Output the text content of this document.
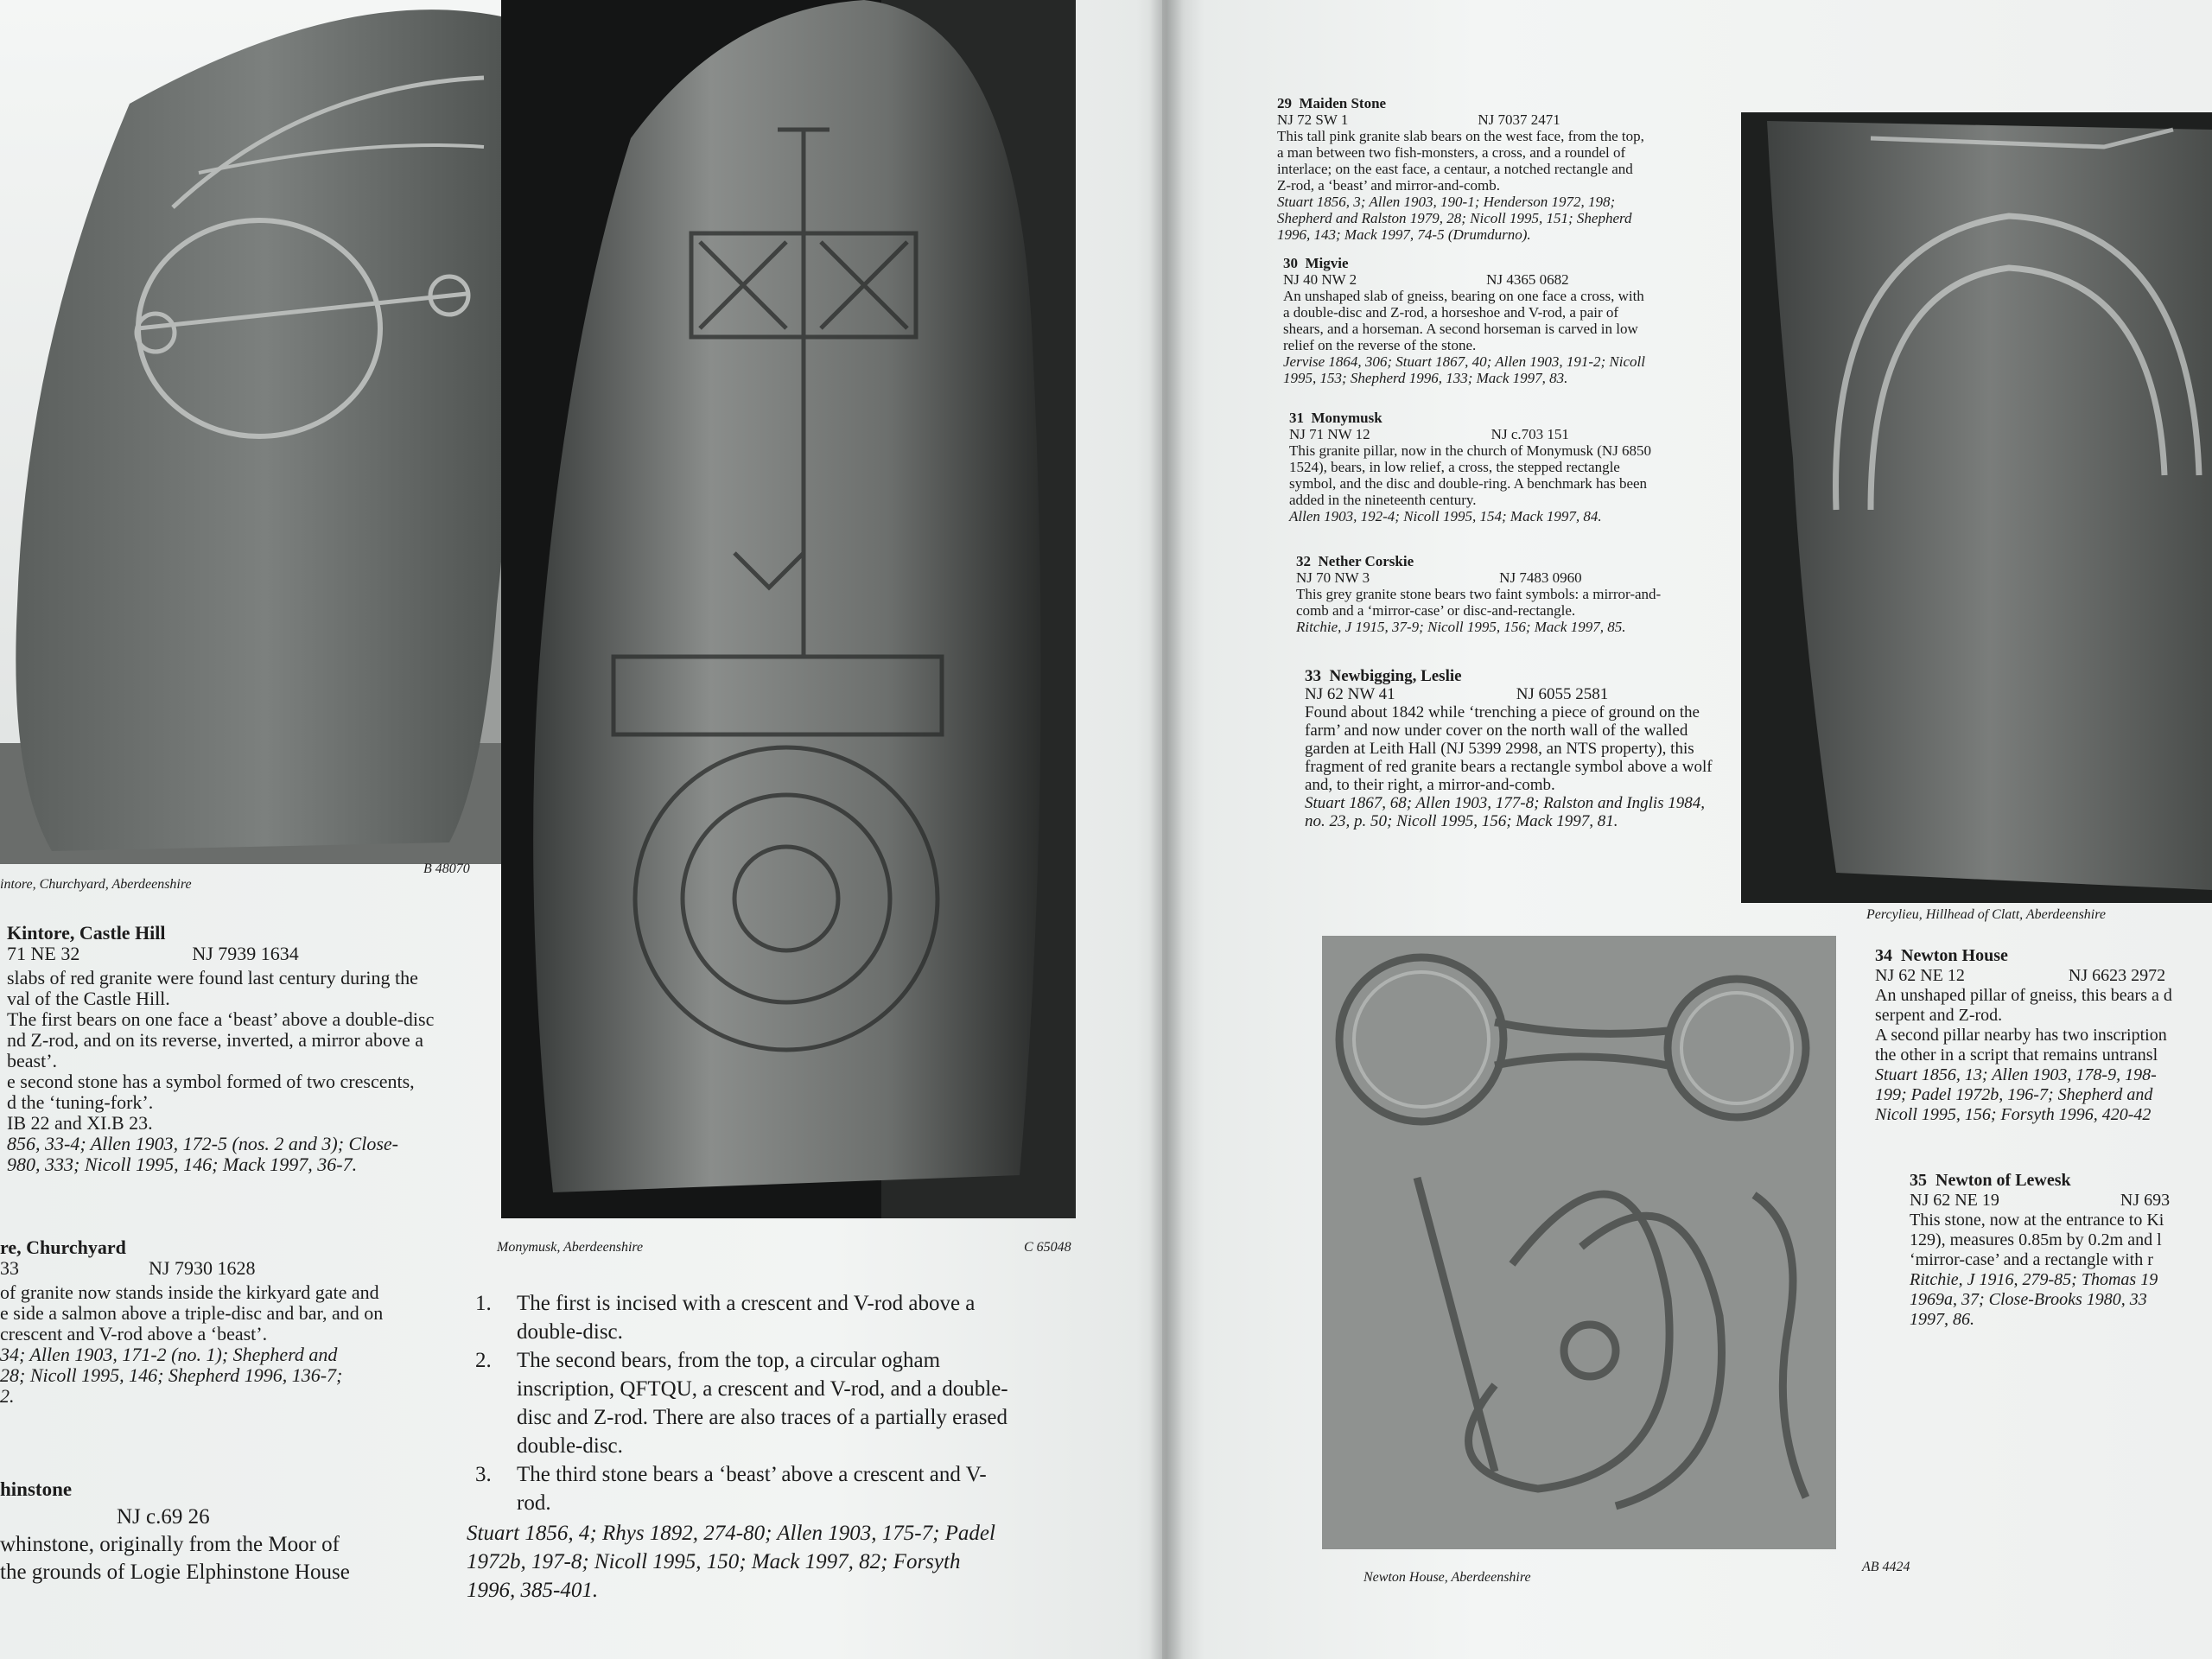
intore, Churchyard, Aberdeenshire
B 48070
Monymusk, Aberdeenshire	C 65048
Percylieu, Hillhead of Clatt, Aberdeenshire
Newton House, Aberdeenshire
AB 4424
Kintore, Castle Hill
71 NE 32	NJ 7939 1634
slabs of red granite were found last century during the
val of the Castle Hill.
The first bears on one face a ‘beast’ above a double-disc
nd Z-rod, and on its reverse, inverted, a mirror above a
beast’.
e second stone has a symbol formed of two crescents,
d the ‘tuning-fork’.
IB 22 and XI.B 23.
856, 33-4; Allen 1903, 172-5 (nos. 2 and 3); Close-
980, 333; Nicoll 1995, 146; Mack 1997, 36-7.
re, Churchyard
33	NJ 7930 1628
of granite now stands inside the kirkyard gate and
e side a salmon above a triple-disc and bar, and on
crescent and V-rod above a ‘beast’.
34; Allen 1903, 171-2 (no. 1); Shepherd and
28; Nicoll 1995, 146; Shepherd 1996, 136-7;
2.
hinstone
NJ c.69 26
whinstone, originally from the Moor of
the grounds of Logie Elphinstone House
1. The first is incised with a crescent and V-rod above a
double-disc.
2. The second bears, from the top, a circular ogham
inscription, QFTQU, a crescent and V-rod, and a double-
disc and Z-rod. There are also traces of a partially erased
double-disc.
3. The third stone bears a ‘beast’ above a crescent and V-
rod.
Stuart 1856, 4; Rhys 1892, 274-80; Allen 1903, 175-7; Padel
1972b, 197-8; Nicoll 1995, 150; Mack 1997, 82; Forsyth
1996, 385-401.
29 Maiden Stone
NJ 72 SW 1	NJ 7037 2471
This tall pink granite slab bears on the west face, from the top,
a man between two fish-monsters, a cross, and a roundel of
interlace; on the east face, a centaur, a notched rectangle and
Z-rod, a ‘beast’ and mirror-and-comb.
Stuart 1856, 3; Allen 1903, 190-1; Henderson 1972, 198;
Shepherd and Ralston 1979, 28; Nicoll 1995, 151; Shepherd
1996, 143; Mack 1997, 74-5 (Drumdurno).
30 Migvie
NJ 40 NW 2	NJ 4365 0682
An unshaped slab of gneiss, bearing on one face a cross, with
a double-disc and Z-rod, a horseshoe and V-rod, a pair of
shears, and a horseman. A second horseman is carved in low
relief on the reverse of the stone.
Jervise 1864, 306; Stuart 1867, 40; Allen 1903, 191-2; Nicoll
1995, 153; Shepherd 1996, 133; Mack 1997, 83.
31 Monymusk
NJ 71 NW 12	NJ c.703 151
This granite pillar, now in the church of Monymusk (NJ 6850
1524), bears, in low relief, a cross, the stepped rectangle
symbol, and the disc and double-ring. A benchmark has been
added in the nineteenth century.
Allen 1903, 192-4; Nicoll 1995, 154; Mack 1997, 84.
32 Nether Corskie
NJ 70 NW 3	NJ 7483 0960
This grey granite stone bears two faint symbols: a mirror-and-
comb and a ‘mirror-case’ or disc-and-rectangle.
Ritchie, J 1915, 37-9; Nicoll 1995, 156; Mack 1997, 85.
33 Newbigging, Leslie
NJ 62 NW 41	NJ 6055 2581
Found about 1842 while ‘trenching a piece of ground on the
farm’ and now under cover on the north wall of the walled
garden at Leith Hall (NJ 5399 2998, an NTS property), this
fragment of red granite bears a rectangle symbol above a wolf
and, to their right, a mirror-and-comb.
Stuart 1867, 68; Allen 1903, 177-8; Ralston and Inglis 1984,
no. 23, p. 50; Nicoll 1995, 156; Mack 1997, 81.
34 Newton House
NJ 62 NE 12	NJ 6623 2972
An unshaped pillar of gneiss, this bears a d
serpent and Z-rod.
A second pillar nearby has two inscription
the other in a script that remains untransl
Stuart 1856, 13; Allen 1903, 178-9, 198-
199; Padel 1972b, 196-7; Shepherd and
Nicoll 1995, 156; Forsyth 1996, 420-42
35 Newton of Lewesk
NJ 62 NE 19	NJ 693
This stone, now at the entrance to Ki
129), measures 0.85m by 0.2m and l
‘mirror-case’ and a rectangle with r
Ritchie, J 1916, 279-85; Thomas 19
1969a, 37; Close-Brooks 1980, 33
1997, 86.
